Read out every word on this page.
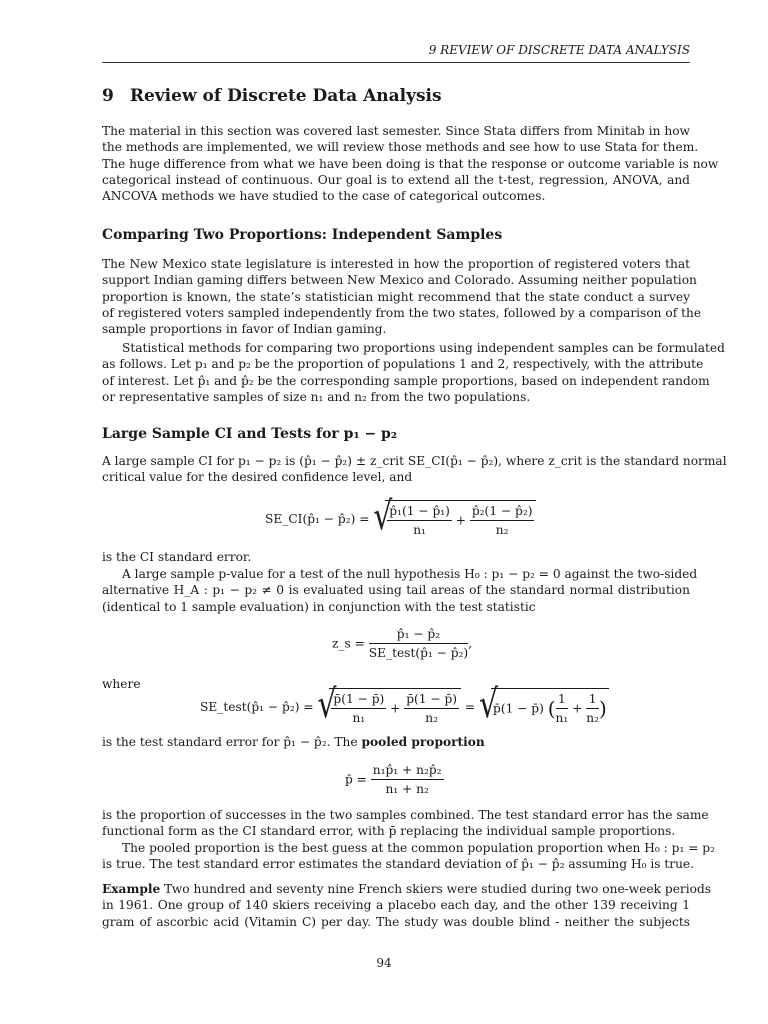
9 REVIEW OF DISCRETE DATA ANALYSIS
9 Review of Discrete Data Analysis
The material in this section was covered last semester. Since Stata differs from Minitab in how
the methods are implemented, we will review those methods and see how to use Stata for them.
The huge difference from what we have been doing is that the response or outcome variable is now
categorical instead of continuous. Our goal is to extend all the t-test, regression, ANOVA, and
ANCOVA methods we have studied to the case of categorical outcomes.
Comparing Two Proportions: Independent Samples
The New Mexico state legislature is interested in how the proportion of registered voters that
support Indian gaming differs between New Mexico and Colorado. Assuming neither population
proportion is known, the state’s statistician might recommend that the state conduct a survey
of registered voters sampled independently from the two states, followed by a comparison of the
sample proportions in favor of Indian gaming.
Statistical methods for comparing two proportions using independent samples can be formulated
as follows. Let p₁ and p₂ be the proportion of populations 1 and 2, respectively, with the attribute
of interest. Let p̂₁ and p̂₂ be the corresponding sample proportions, based on independent random
or representative samples of size n₁ and n₂ from the two populations.
Large Sample CI and Tests for p₁ − p₂
A large sample CI for p₁ − p₂ is (p̂₁ − p̂₂) ± z_crit SE_CI(p̂₁ − p̂₂), where z_crit is the standard normal
critical value for the desired confidence level, and
SE_CI(p̂₁ − p̂₂) = √
$\frac{\text{p̂₁(1 − p̂₁)}}{\text{n₁}} + \frac{\text{p̂₂(1 − p̂₂)}}{\text{n₂}}$
is the CI standard error.
A large sample p-value for a test of the null hypothesis H₀ : p₁ − p₂ = 0 against the two-sided
alternative H_A : p₁ − p₂ ≠ 0 is evaluated using tail areas of the standard normal distribution
(identical to 1 sample evaluation) in conjunction with the test statistic
z_s = $\frac{\text{p̂₁ − p̂₂}}{\text{SE\_test(p̂₁ − p̂₂)}}$ ,
where
SE_test(p̂₁ − p̂₂) = √
$\frac{p̄(1 - p̄)}{\text{n₁}} + \frac{p̄(1 - p̄)}{\text{n₂}}$ = √
p̄(1 − p̄) ( $\frac{1}{\text{n₁}} + \frac{1}{\text{n₂}}$ )
is the test standard error for p̂₁ − p̂₂. The pooled proportion
p̄ = $\frac{\text{n₁p̂₁ + n₂p̂₂}}{\text{n₁ + n₂}}$
is the proportion of successes in the two samples combined. The test standard error has the same
functional form as the CI standard error, with p̄ replacing the individual sample proportions.
The pooled proportion is the best guess at the common population proportion when H₀ : p₁ = p₂
is true. The test standard error estimates the standard deviation of p̂₁ − p̂₂ assuming H₀ is true.
Example Two hundred and seventy nine French skiers were studied during two one-week periods
in 1961. One group of 140 skiers receiving a placebo each day, and the other 139 receiving 1
gram of ascorbic acid (Vitamin C) per day. The study was double blind - neither the subjects
94
